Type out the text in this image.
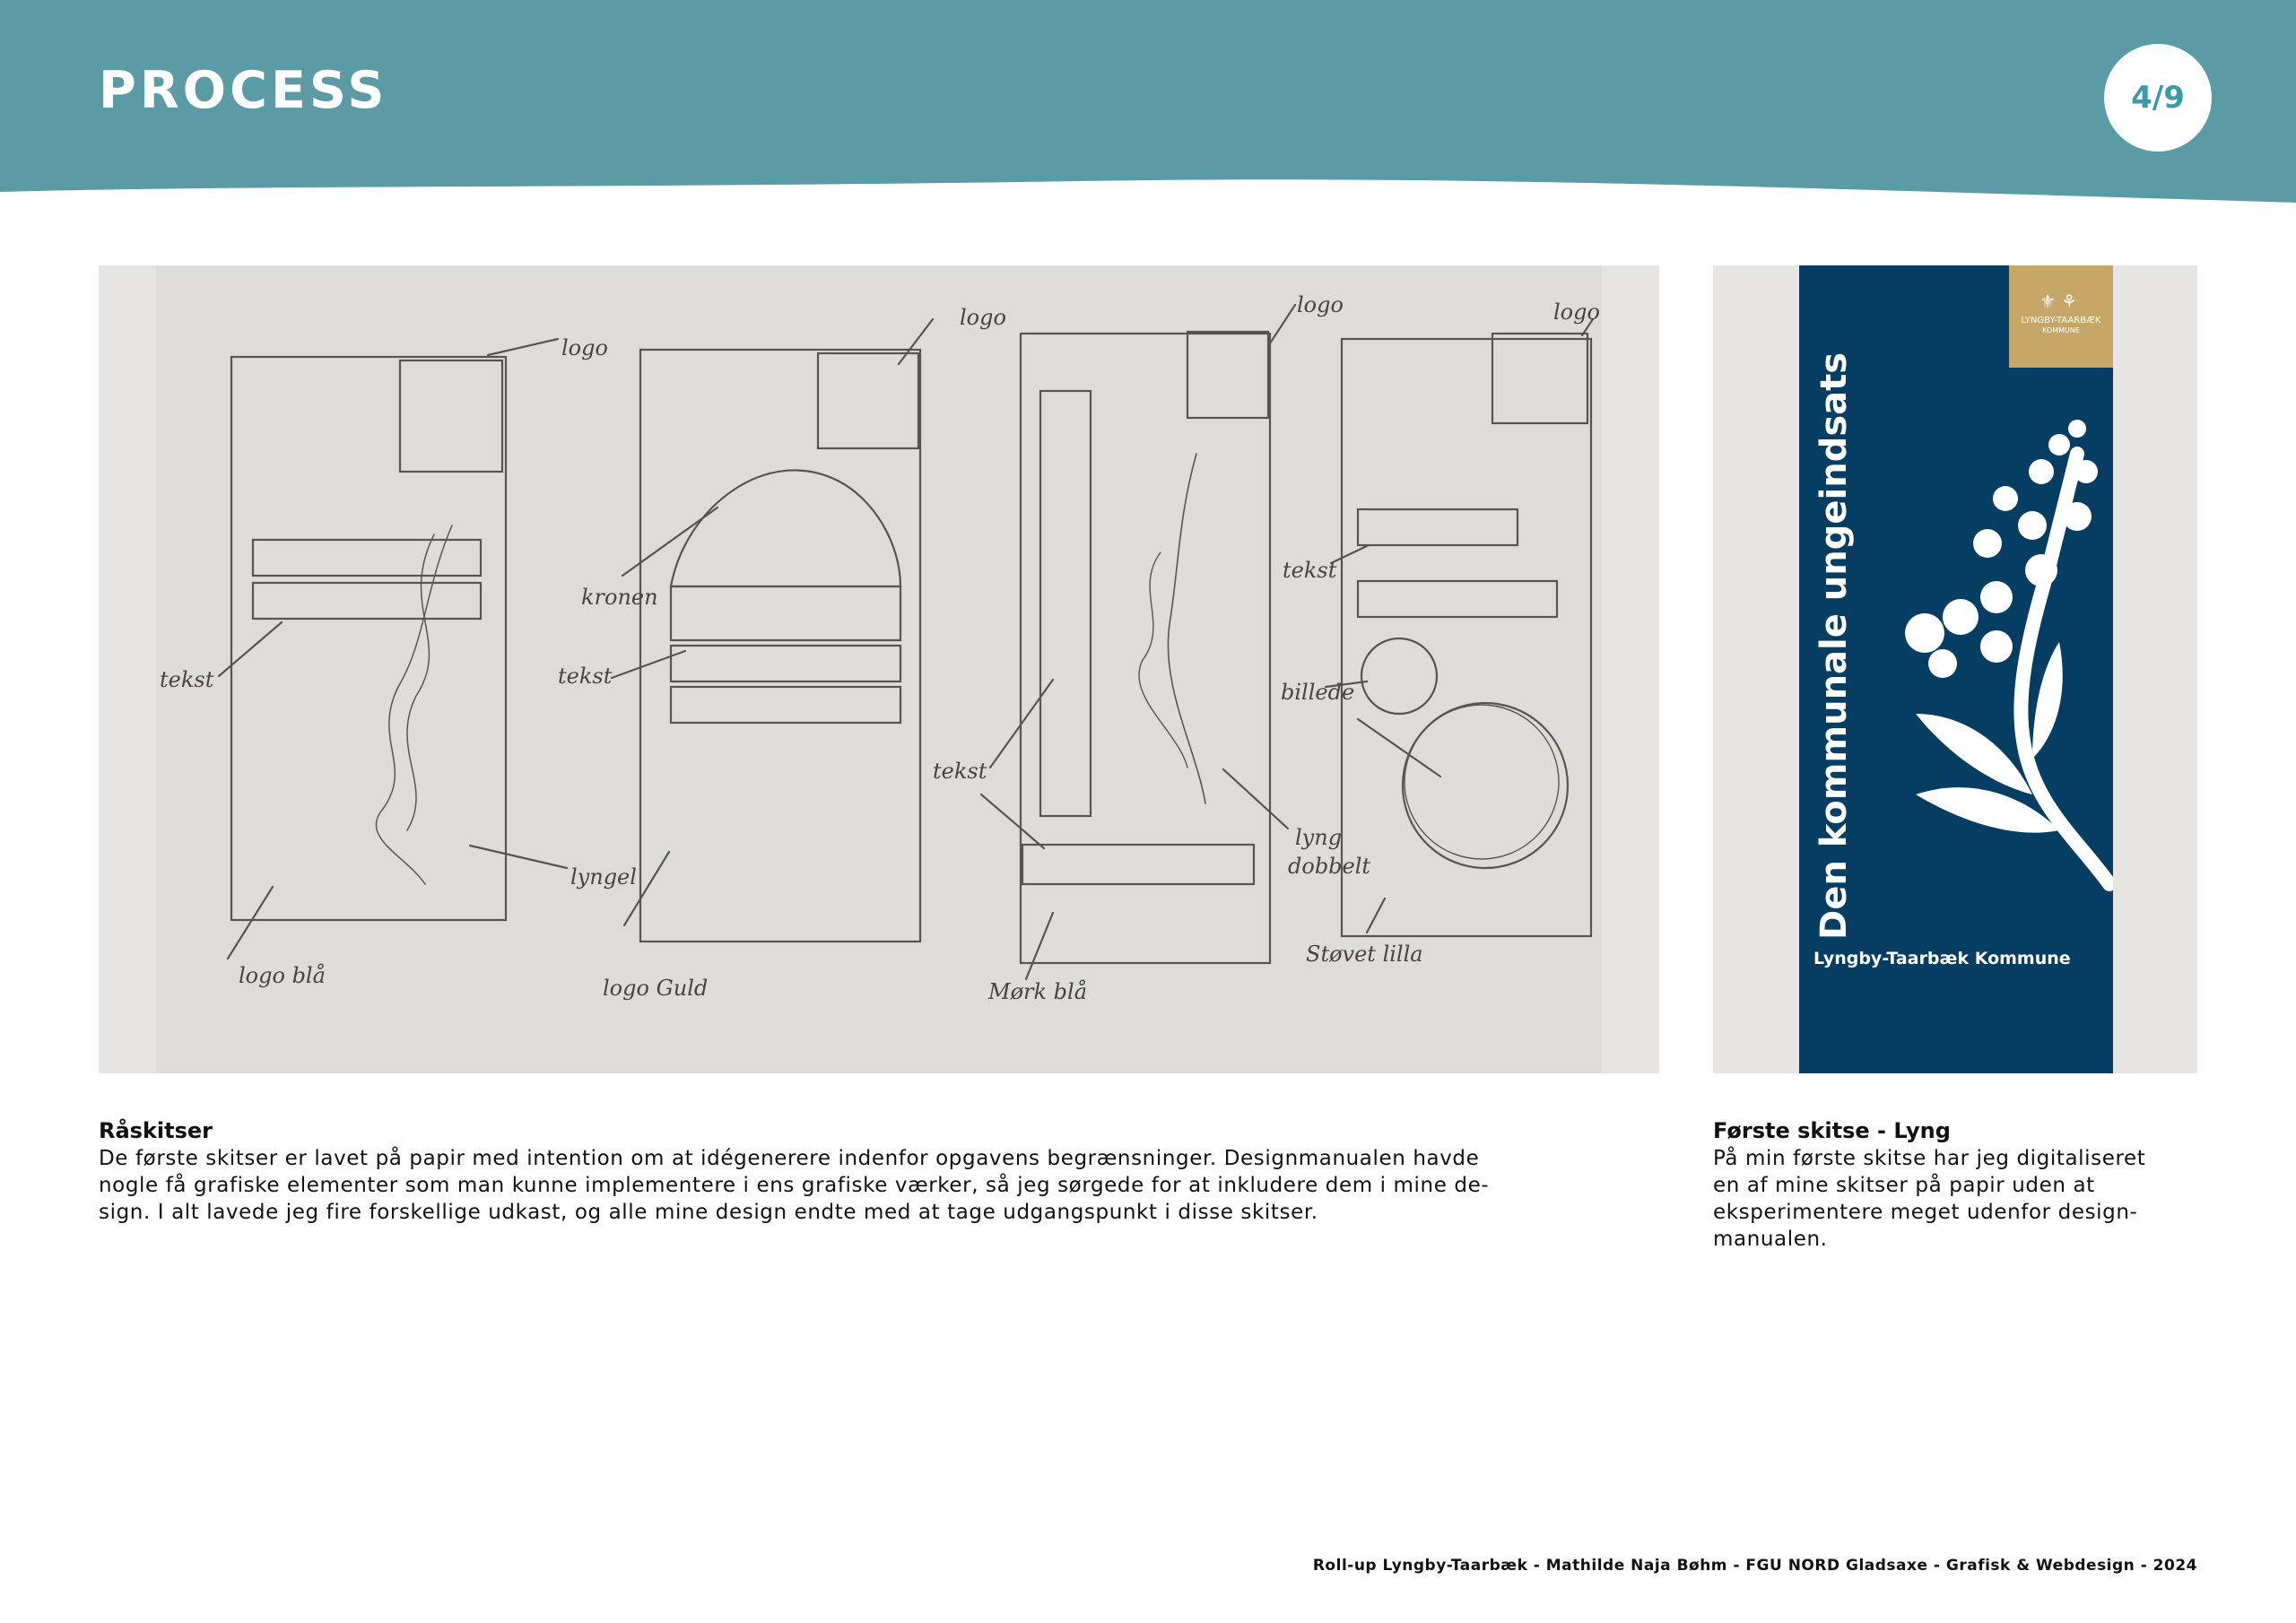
PROCESS	4/9
logo
tekst
lyngel
logo blå
logo
kronen
tekst
logo Guld
logo
tekst
lyng
dobbelt
Mørk blå
logo
tekst
billede
Støvet lilla
⚜⚘
LYNGBY-TAARBÆK
KOMMUNE
Den kommunale ungeindsats
Lyngby-Taarbæk Kommune
Råskitser
De første skitser er lavet på papir med intention om at idégenerere indenfor opgavens begrænsninger. Designmanualen havde
nogle få grafiske elementer som man kunne implementere i ens grafiske værker, så jeg sørgede for at inkludere dem i mine de-
sign. I alt lavede jeg fire forskellige udkast, og alle mine design endte med at tage udgangspunkt i disse skitser.
Første skitse - Lyng
På min første skitse har jeg digitaliseret
en af mine skitser på papir uden at
eksperimentere meget udenfor design-
manualen.
Roll-up Lyngby-Taarbæk - Mathilde Naja Bøhm - FGU NORD Gladsaxe - Grafisk & Webdesign - 2024
